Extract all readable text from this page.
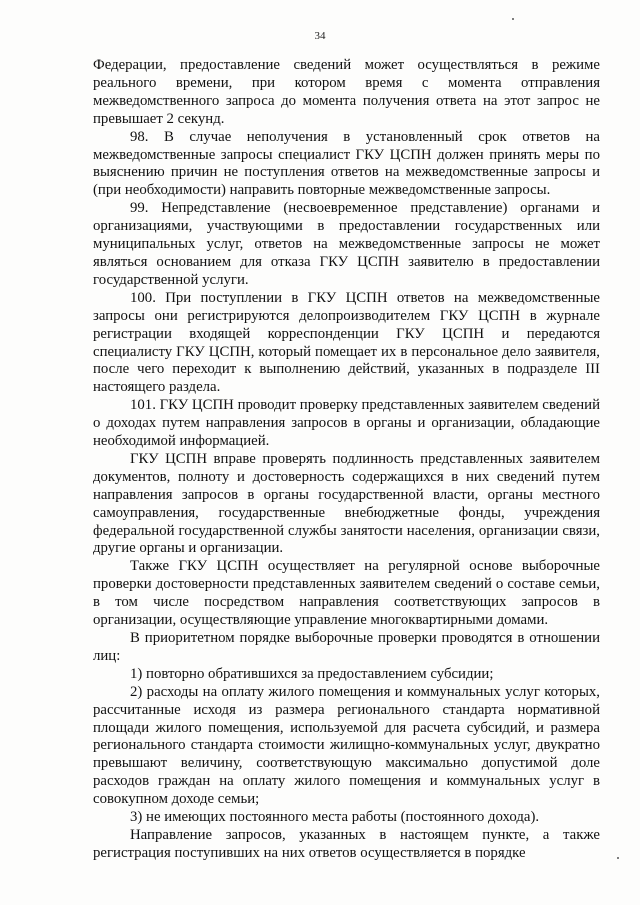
34

Федерации, предоставление сведений может осуществляться в режиме реального времени, при котором время с момента отправления межведомственного запроса до момента получения ответа на этот запрос не превышает 2 секунд.

98. В случае неполучения в установленный срок ответов на межведомственные запросы специалист ГКУ ЦСПН должен принять меры по выяснению причин не поступления ответов на межведомственные запросы и (при необходимости) направить повторные межведомственные запросы.

99. Непредставление (несвоевременное представление) органами и организациями, участвующими в предоставлении государственных или муниципальных услуг, ответов на межведомственные запросы не может являться основанием для отказа ГКУ ЦСПН заявителю в предоставлении государственной услуги.

100. При поступлении в ГКУ ЦСПН ответов на межведомственные запросы они регистрируются делопроизводителем ГКУ ЦСПН в журнале регистрации входящей корреспонденции ГКУ ЦСПН и передаются специалисту ГКУ ЦСПН, который помещает их в персональное дело заявителя, после чего переходит к выполнению действий, указанных в подразделе III настоящего раздела.

101. ГКУ ЦСПН проводит проверку представленных заявителем сведений о доходах путем направления запросов в органы и организации, обладающие необходимой информацией.

ГКУ ЦСПН вправе проверять подлинность представленных заявителем документов, полноту и достоверность содержащихся в них сведений путем направления запросов в органы государственной власти, органы местного самоуправления, государственные внебюджетные фонды, учреждения федеральной государственной службы занятости населения, организации связи, другие органы и организации.

Также ГКУ ЦСПН осуществляет на регулярной основе выборочные проверки достоверности представленных заявителем сведений о составе семьи, в том числе посредством направления соответствующих запросов в организации, осуществляющие управление многоквартирными домами.

В приоритетном порядке выборочные проверки проводятся в отношении лиц:

1) повторно обратившихся за предоставлением субсидии;

2) расходы на оплату жилого помещения и коммунальных услуг которых, рассчитанные исходя из размера регионального стандарта нормативной площади жилого помещения, используемой для расчета субсидий, и размера регионального стандарта стоимости жилищно-коммунальных услуг, двукратно превышают величину, соответствующую максимально допустимой доле расходов граждан на оплату жилого помещения и коммунальных услуг в совокупном доходе семьи;

3) не имеющих постоянного места работы (постоянного дохода).

Направление запросов, указанных в настоящем пункте, а также регистрация поступивших на них ответов осуществляется в порядке
